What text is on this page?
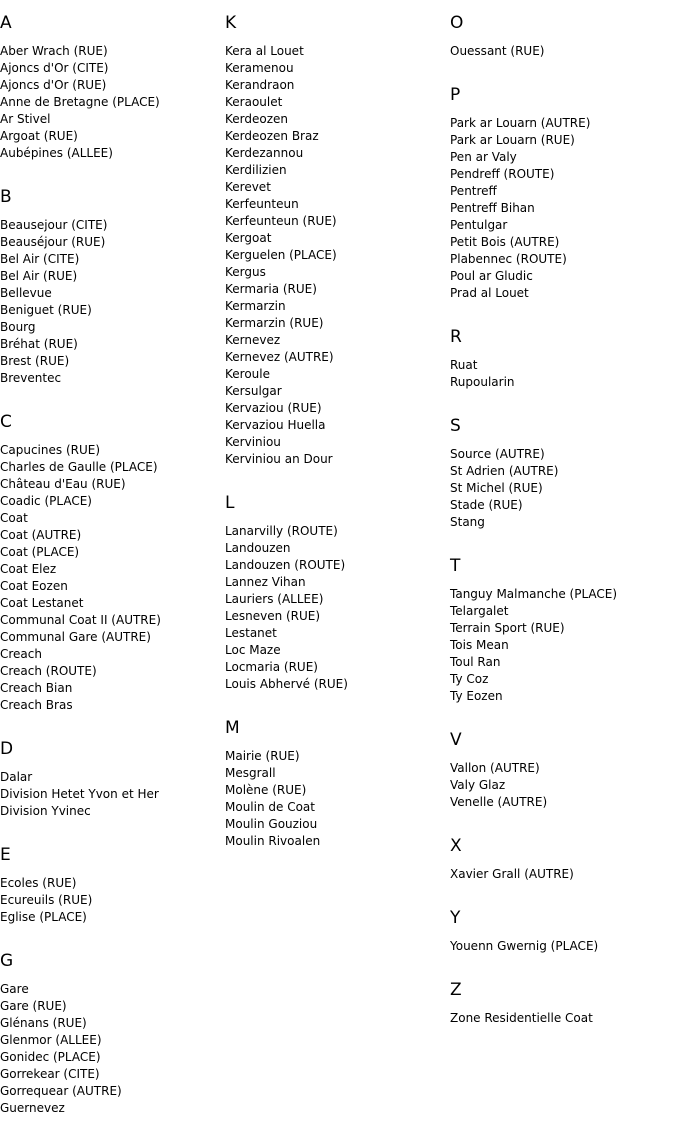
A
Aber Wrach (RUE)
Ajoncs d'Or (CITE)
Ajoncs d'Or (RUE)
Anne de Bretagne (PLACE)
Ar Stivel
Argoat (RUE)
Aubépines (ALLEE)
B
Beausejour (CITE)
Beauséjour (RUE)
Bel Air (CITE)
Bel Air (RUE)
Bellevue
Beniguet (RUE)
Bourg
Bréhat (RUE)
Brest (RUE)
Breventec
C
Capucines (RUE)
Charles de Gaulle (PLACE)
Château d'Eau (RUE)
Coadic (PLACE)
Coat
Coat (AUTRE)
Coat (PLACE)
Coat Elez
Coat Eozen
Coat Lestanet
Communal Coat II (AUTRE)
Communal Gare (AUTRE)
Creach
Creach (ROUTE)
Creach Bian
Creach Bras
D
Dalar
Division Hetet Yvon et Her
Division Yvinec
E
Ecoles (RUE)
Ecureuils (RUE)
Eglise (PLACE)
G
Gare
Gare (RUE)
Glénans (RUE)
Glenmor (ALLEE)
Gonidec (PLACE)
Gorrekear (CITE)
Gorrequear (AUTRE)
Guernevez
K
Kera al Louet
Keramenou
Kerandraon
Keraoulet
Kerdeozen
Kerdeozen Braz
Kerdezannou
Kerdilizien
Kerevet
Kerfeunteun
Kerfeunteun (RUE)
Kergoat
Kerguelen (PLACE)
Kergus
Kermaria (RUE)
Kermarzin
Kermarzin (RUE)
Kernevez
Kernevez (AUTRE)
Keroule
Kersulgar
Kervaziou (RUE)
Kervaziou Huella
Kerviniou
Kerviniou an Dour
L
Lanarvilly (ROUTE)
Landouzen
Landouzen (ROUTE)
Lannez Vihan
Lauriers (ALLEE)
Lesneven (RUE)
Lestanet
Loc Maze
Locmaria (RUE)
Louis Abhervé (RUE)
M
Mairie (RUE)
Mesgrall
Molène (RUE)
Moulin de Coat
Moulin Gouziou
Moulin Rivoalen
O
Ouessant (RUE)
P
Park ar Louarn (AUTRE)
Park ar Louarn (RUE)
Pen ar Valy
Pendreff (ROUTE)
Pentreff
Pentreff Bihan
Pentulgar
Petit Bois (AUTRE)
Plabennec (ROUTE)
Poul ar Gludic
Prad al Louet
R
Ruat
Rupoularin
S
Source (AUTRE)
St Adrien (AUTRE)
St Michel (RUE)
Stade (RUE)
Stang
T
Tanguy Malmanche (PLACE)
Telargalet
Terrain Sport (RUE)
Tois Mean
Toul Ran
Ty Coz
Ty Eozen
V
Vallon (AUTRE)
Valy Glaz
Venelle (AUTRE)
X
Xavier Grall (AUTRE)
Y
Youenn Gwernig (PLACE)
Z
Zone Residentielle Coat
